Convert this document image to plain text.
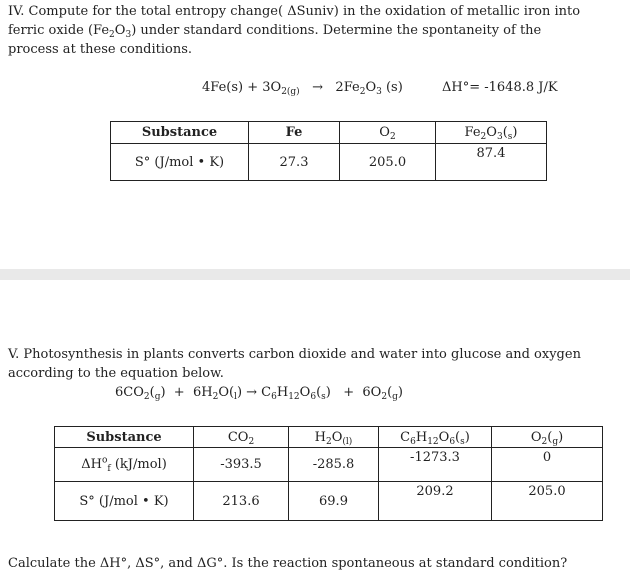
IV. Compute for the total entropy change( ΔSuniv) in the oxidation of metallic iron into
ferric oxide $(Fe_2O_3)$ under standard conditions. Determine the spontaneity of the
process at these conditions.
$4Fe(s) + 3O_{2(g)} \to 2Fe_2O_3$ (s)	ΔH°= -1648.8 J/K
Substance	Fe	$O_2$	$Fe_2O_3(_s)$
S° (J/mol • K)	27.3	205.0	87.4
V. Photosynthesis in plants converts carbon dioxide and water into glucose and oxygen
according to the equation below.
$6CO_2(_g) + 6H_2O(_l) \to C_6H_{12}O_6(_s) + 6O_2(_g)$
Substance	$CO_2$	$H_2O_{(l)}$	$C_6H_{12}O_6(_s)$	$O_2(_g)$
$\Delta H^o_f$ (kJ/mol)	-393.5	-285.8	-1273.3	0
S° (J/mol • K)	213.6	69.9	209.2	205.0
Calculate the ΔH°, ΔS°, and ΔG°. Is the reaction spontaneous at standard condition?
